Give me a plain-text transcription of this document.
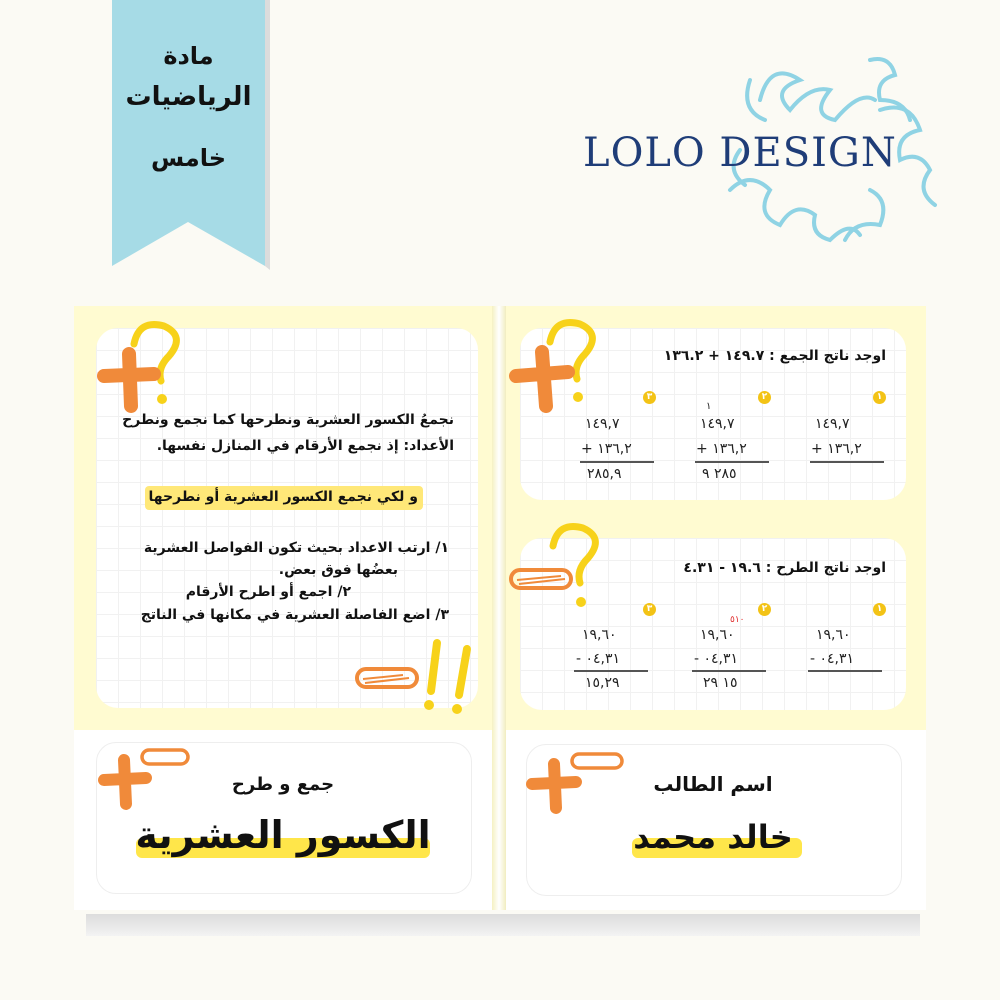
مادة
الرياضيات
خامس	LOLO DESIGN
نجمعُ الكسور العشرية ونطرحها كما نجمع ونطرح
الأعداد: إذ نجمع الأرقام في المنازل نفسها.
و لكي نجمع الكسور العشرية أو نطرحها
١/ ارتب الاعداد بحيث تكون الفواصل العشرية
بعضُها فوق بعض.
٢/ اجمع أو اطرح الأرقام
٣/ اضع الفاصلة العشرية في مكانها في الناتج
اوجد ناتج الجمع : ١٤٩.٧ + ١٣٦.٢
١
١٤٩,٧
١٣٦,٢ +
٢
١
١٤٩,٧
١٣٦,٢ +
٢٨٥ ٩
٣
١٤٩,٧
١٣٦,٢ +
٢٨٥,٩
اوجد ناتج الطرح : ١٩.٦ - ٤.٣١
١
١٩,٦٠
٠٤,٣١ -
٢
٥١٠
١٩,٦٠
٠٤,٣١ -
١٥ ٢٩
٣
١٩,٦٠
٠٤,٣١ -
١٥,٢٩
جمع و طرح
الكسور العشرية
اسم الطالب
خالد محمد
